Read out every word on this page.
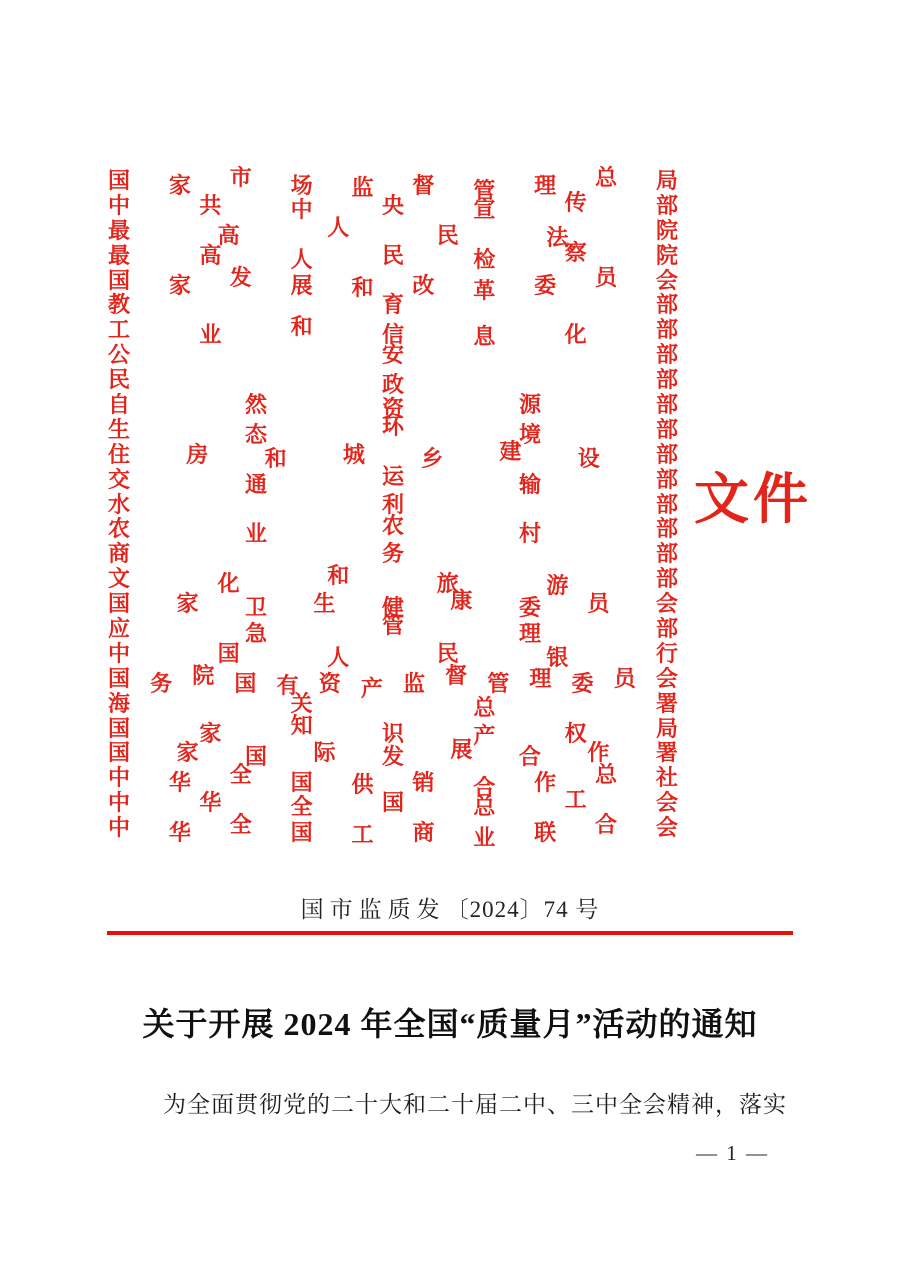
国 家 市 场 监 督 管 理 总 局
中	共	中	央	宣	传	部
最	高	人	民	法	院
最	高	人	民	检	察	院
国 家 发 展 和 改 革 委 员 会
教	育	部
工	业	和	信	息	化	部
公	安	部
民	政	部
自	然	资	源	部
生	态	环	境	部
住	房	和	城	乡	建	设	部
交	通	运	输	部
水	利	部
农	业	农	村	部
商	务	部
文	化	和	旅	游	部
国 家 卫 生 健 康 委 员 会
应	急	管	理	部
中	国	人	民	银	行
国 务 院 国 有 资 产 监 督 管 理 委 员 会
海	关	总	署
国	家	知	识	产	权	局
国 家 国 际 发 展 合 作 署
中 华 全 国 供 销 合 作 总 社
中	华	全	国	总	工	会
中 华 全 国 工 商 业 联 合 会
文件
国市监质发〔2024〕74 号
关于开展 2024 年全国“质量月”活动的通知

为全面贯彻党的二十大和二十届二中、三中全会精神，落实

— 1 —
